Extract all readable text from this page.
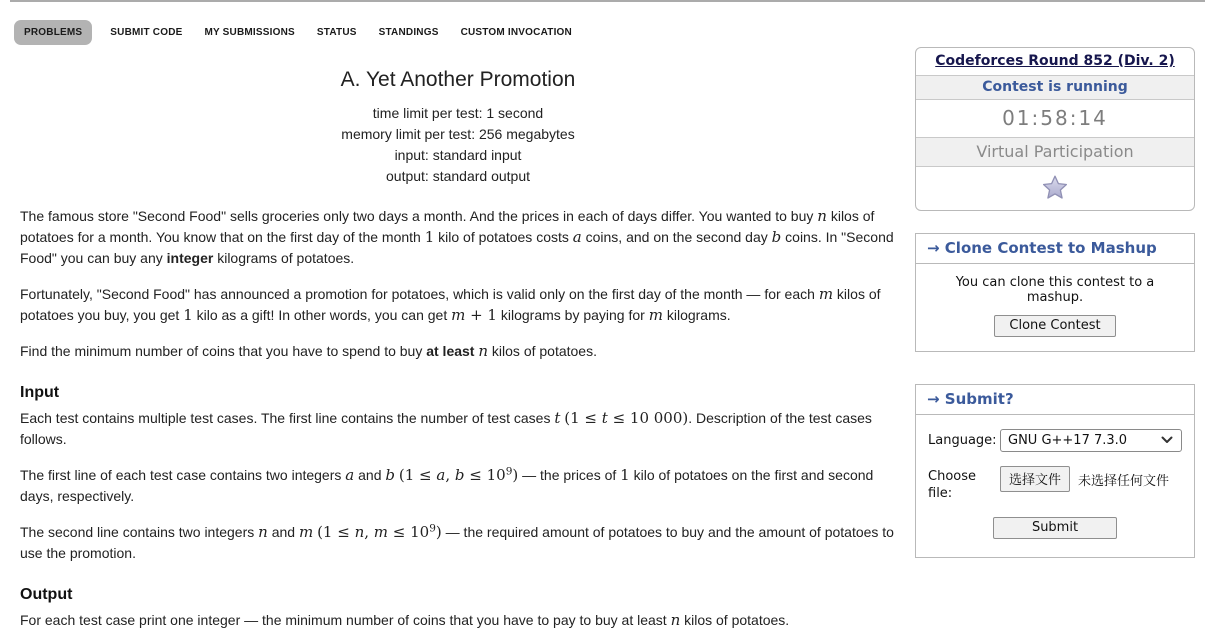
PROBLEMS	SUBMIT CODE	MY SUBMISSIONS	STATUS	STANDINGS	CUSTOM INVOCATION
A. Yet Another Promotion
time limit per test: 1 second
memory limit per test: 256 megabytes
input: standard input
output: standard output
The famous store "Second Food" sells groceries only two days a month. And the prices in each of days differ. You wanted to buy n kilos of potatoes for a month. You know that on the first day of the month 1 kilo of potatoes costs a coins, and on the second day b coins. In "Second Food" you can buy any integer kilograms of potatoes.
Fortunately, "Second Food" has announced a promotion for potatoes, which is valid only on the first day of the month — for each m kilos of potatoes you buy, you get 1 kilo as a gift! In other words, you can get m + 1 kilograms by paying for m kilograms.
Find the minimum number of coins that you have to spend to buy at least n kilos of potatoes.
Input
Each test contains multiple test cases. The first line contains the number of test cases t (1 ≤ t ≤ 10 000). Description of the test cases follows.
The first line of each test case contains two integers a and b (1 ≤ a, $b \le 10^9$) — the prices of 1 kilo of potatoes on the first and second days, respectively.
The second line contains two integers n and m (1 ≤ n, $m \le 10^9$) — the required amount of potatoes to buy and the amount of potatoes to use the promotion.
Output
For each test case print one integer — the minimum number of coins that you have to pay to buy at least n kilos of potatoes.
Codeforces Round 852 (Div. 2)
Contest is running
01:58:14
Virtual Participation
→ Clone Contest to Mashup
You can clone this contest to a mashup.
Clone Contest
→ Submit?
Language: GNU G++17 7.3.0
Choose file:
选择文件	未选择任何文件
Submit
